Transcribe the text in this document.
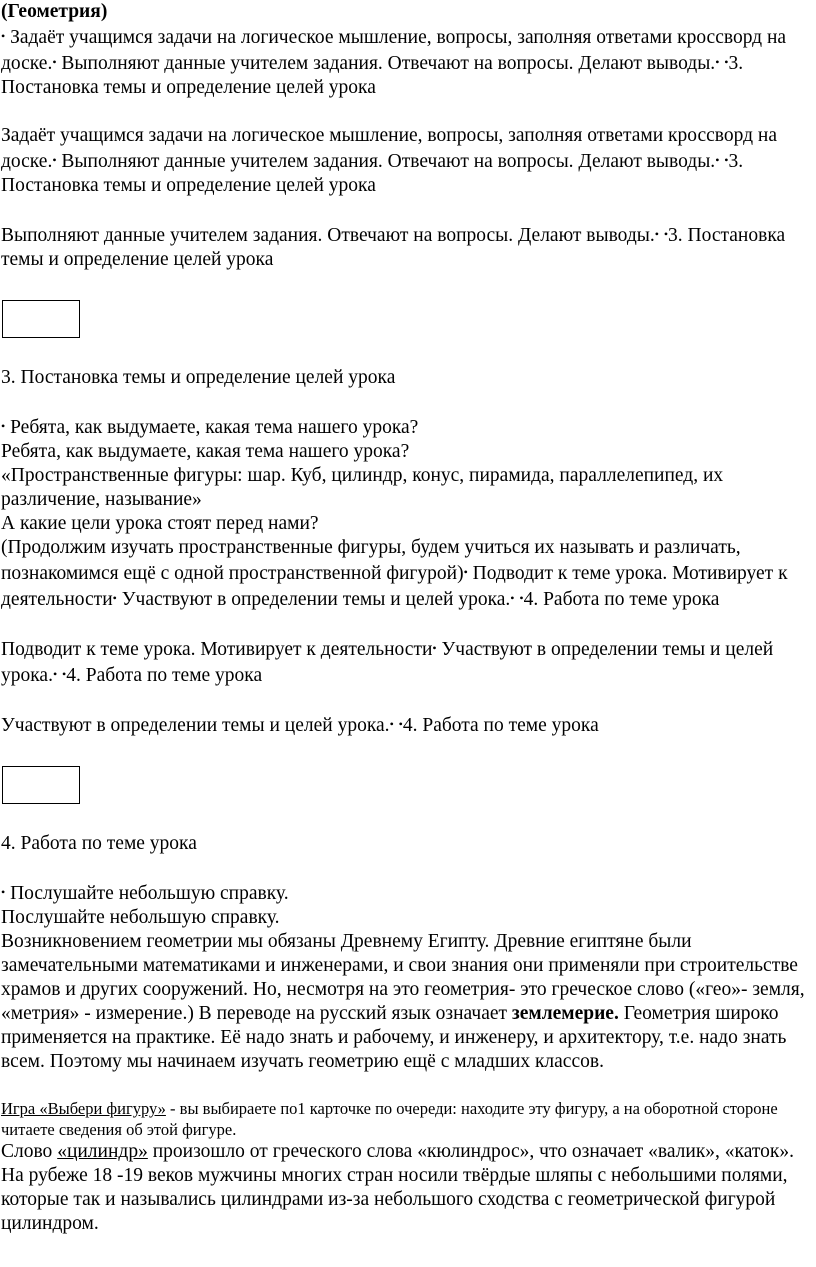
(Геометрия)

• Задаёт учащимся задачи на логическое мышление, вопросы, заполняя ответами кроссворд на доске.• Выполняют данные учителем задания. Отвечают на вопросы. Делают выводы.• •3. Постановка темы и определение целей урока

Задаёт учащимся задачи на логическое мышление, вопросы, заполняя ответами кроссворд на доске.• Выполняют данные учителем задания. Отвечают на вопросы. Делают выводы.• •3. Постановка темы и определение целей урока

Выполняют данные учителем задания. Отвечают на вопросы. Делают выводы.• •3. Постановка темы и определение целей урока

3. Постановка темы и определение целей урока

• Ребята, как выдумаете, какая тема нашего урока?

Ребята, как выдумаете, какая тема нашего урока?

«Пространственные фигуры: шар. Куб, цилиндр, конус, пирамида, параллелепипед, их различение, называние»

А какие цели урока стоят перед нами?

(Продолжим изучать пространственные фигуры, будем учиться их называть и различать, познакомимся ещё с одной пространственной фигурой)• Подводит к теме урока. Мотивирует к деятельности• Участвуют в определении темы и целей урока.• •4. Работа по теме урока

Подводит к теме урока. Мотивирует к деятельности• Участвуют в определении темы и целей урока.• •4. Работа по теме урока

Участвуют в определении темы и целей урока.• •4. Работа по теме урока

4. Работа по теме урока

• Послушайте небольшую справку.

Послушайте небольшую справку.

Возникновением геометрии мы обязаны Древнему Египту. Древние египтяне были замечательными математиками и инженерами, и свои знания они применяли при строительстве храмов и других сооружений. Но, несмотря на это геометрия- это греческое слово («гео»- земля, «метрия» - измерение.) В переводе на русский язык означает землемерие. Геометрия широко применяется на практике. Её надо знать и рабочему, и инженеру, и архитектору, т.е. надо знать всем. Поэтому мы начинаем изучать геометрию ещё с младших классов.

Игра «Выбери фигуру» - вы выбираете по1 карточке по очереди: находите эту фигуру, а на оборотной стороне читаете сведения об этой фигуре.

Слово «цилиндр» произошло от греческого слова «кюлиндрос», что означает «валик», «каток». На рубеже 18 -19 веков мужчины многих стран носили твёрдые шляпы с небольшими полями, которые так и назывались цилиндрами из-за небольшого сходства с геометрической фигурой цилиндром.
